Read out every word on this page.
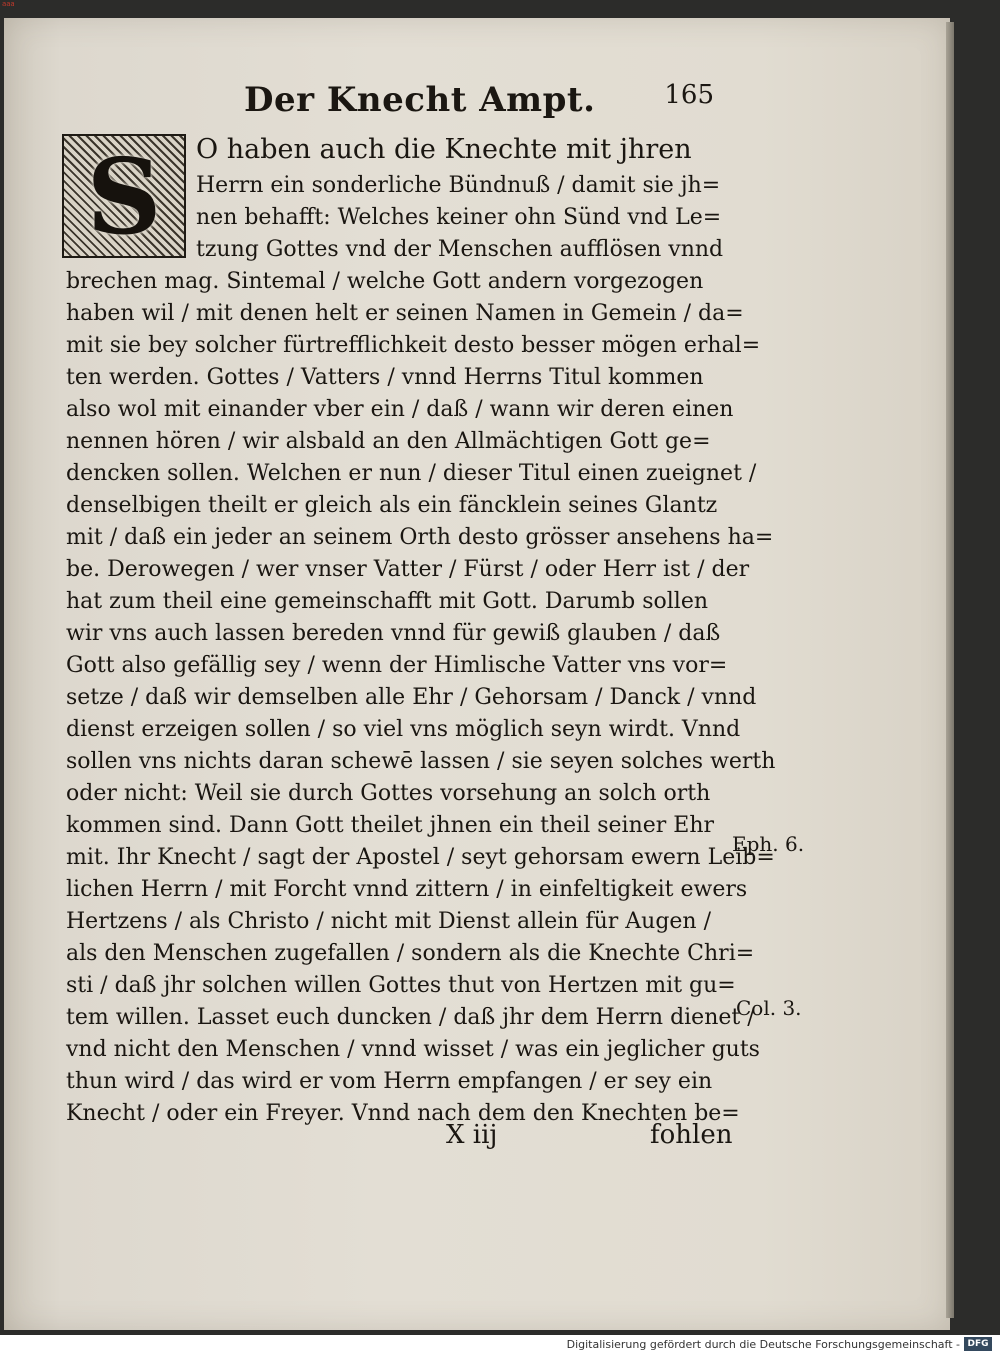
aaa
Der Knecht Ampt.	165
S	O haben auch die Knechte mit jhren
Herrn ein sonderliche Bündnuß / damit sie jh=
nen behafft: Welches keiner ohn Sünd vnd Le=
tzung Gottes vnd der Menschen aufflösen vnnd
brechen mag. Sintemal / welche Gott andern vorgezogen
haben wil / mit denen helt er seinen Namen in Gemein / da=
mit sie bey solcher fürtrefflichkeit desto besser mögen erhal=
ten werden. Gottes / Vatters / vnnd Herrns Titul kommen
also wol mit einander vber ein / daß / wann wir deren einen
nennen hören / wir alsbald an den Allmächtigen Gott ge=
dencken sollen. Welchen er nun / dieser Titul einen zueignet /
denselbigen theilt er gleich als ein fäncklein seines Glantz
mit / daß ein jeder an seinem Orth desto grösser ansehens ha=
be. Derowegen / wer vnser Vatter / Fürst / oder Herr ist / der
hat zum theil eine gemeinschafft mit Gott. Darumb sollen
wir vns auch lassen bereden vnnd für gewiß glauben / daß
Gott also gefällig sey / wenn der Himlische Vatter vns vor=
setze / daß wir demselben alle Ehr / Gehorsam / Danck / vnnd
dienst erzeigen sollen / so viel vns möglich seyn wirdt. Vnnd
sollen vns nichts daran schewē lassen / sie seyen solches werth
oder nicht: Weil sie durch Gottes vorsehung an solch orth
kommen sind. Dann Gott theilet jhnen ein theil seiner Ehr
mit. Ihr Knecht / sagt der Apostel / seyt gehorsam ewern Leib=
lichen Herrn / mit Forcht vnnd zittern / in einfeltigkeit ewers
Hertzens / als Christo / nicht mit Dienst allein für Augen /
als den Menschen zugefallen / sondern als die Knechte Chri=
sti / daß jhr solchen willen Gottes thut von Hertzen mit gu=
tem willen. Lasset euch duncken / daß jhr dem Herrn dienet /
vnd nicht den Menschen / vnnd wisset / was ein jeglicher guts
thun wird / das wird er vom Herrn empfangen / er sey ein
Knecht / oder ein Freyer. Vnnd nach dem den Knechten be=
Eph. 6.
Col. 3.
X iij	fohlen
Digitalisierung gefördert durch die Deutsche Forschungsgemeinschaft - DFG
